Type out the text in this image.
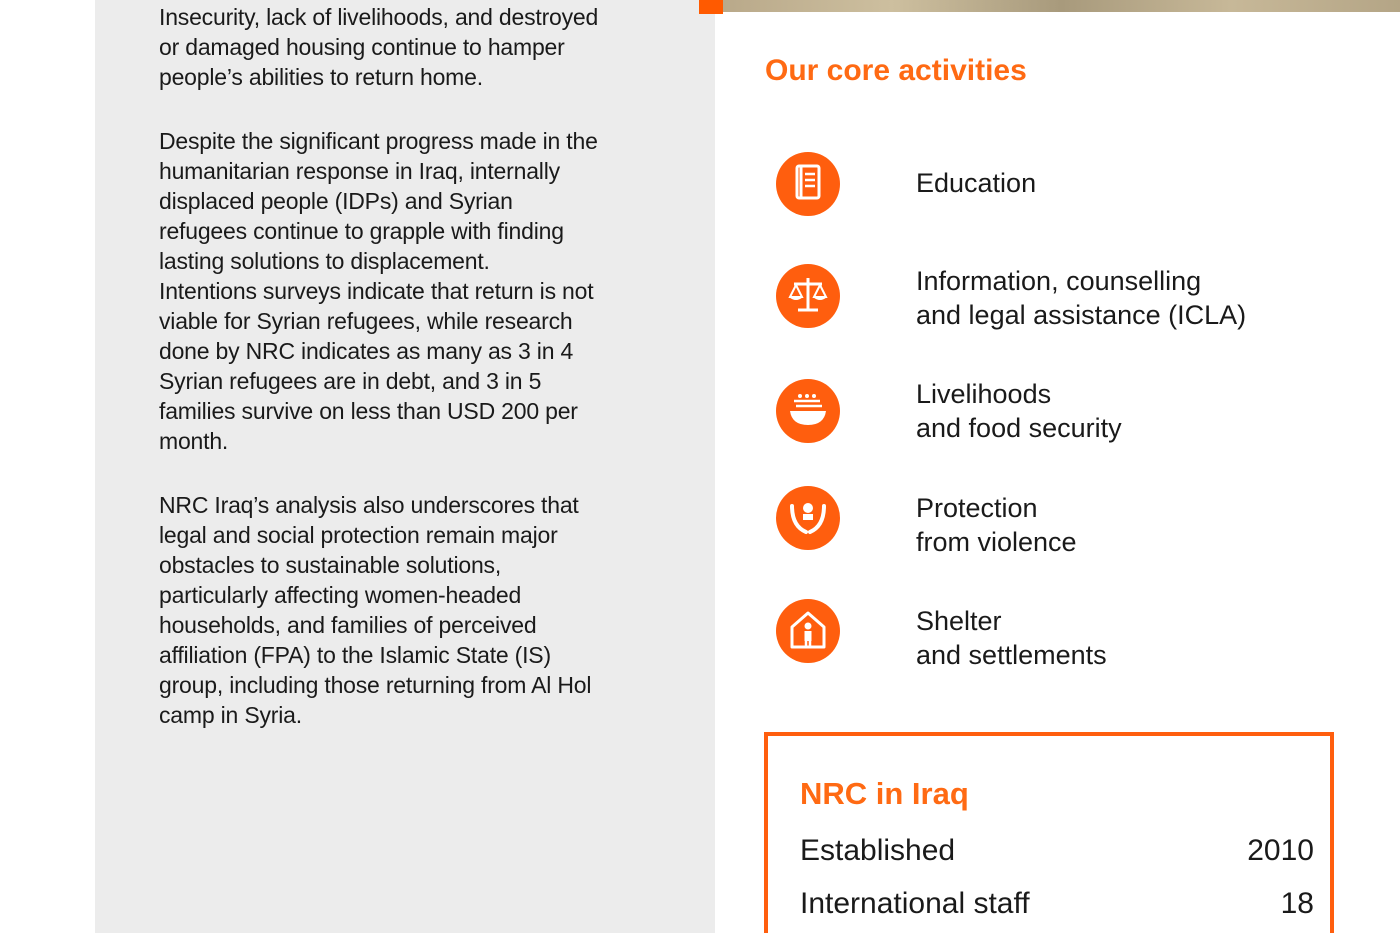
Insecurity, lack of livelihoods, and destroyed
or damaged housing continue to hamper
people’s abilities to return home.

Despite the significant progress made in the
humanitarian response in Iraq, internally
displaced people (IDPs) and Syrian
refugees continue to grapple with finding
lasting solutions to displacement.
Intentions surveys indicate that return is not
viable for Syrian refugees, while research
done by NRC indicates as many as 3 in 4
Syrian refugees are in debt, and 3 in 5
families survive on less than USD 200 per
month.

NRC Iraq’s analysis also underscores that
legal and social protection remain major
obstacles to sustainable solutions,
particularly affecting women-headed
households, and families of perceived
affiliation (FPA) to the Islamic State (IS)
group, including those returning from Al Hol
camp in Syria.

Our core activities
Education
Information, counselling
and legal assistance (ICLA)
Livelihoods
and food security
Protection
from violence
Shelter
and settlements
NRC in Iraq
Established	2010
International staff	18
